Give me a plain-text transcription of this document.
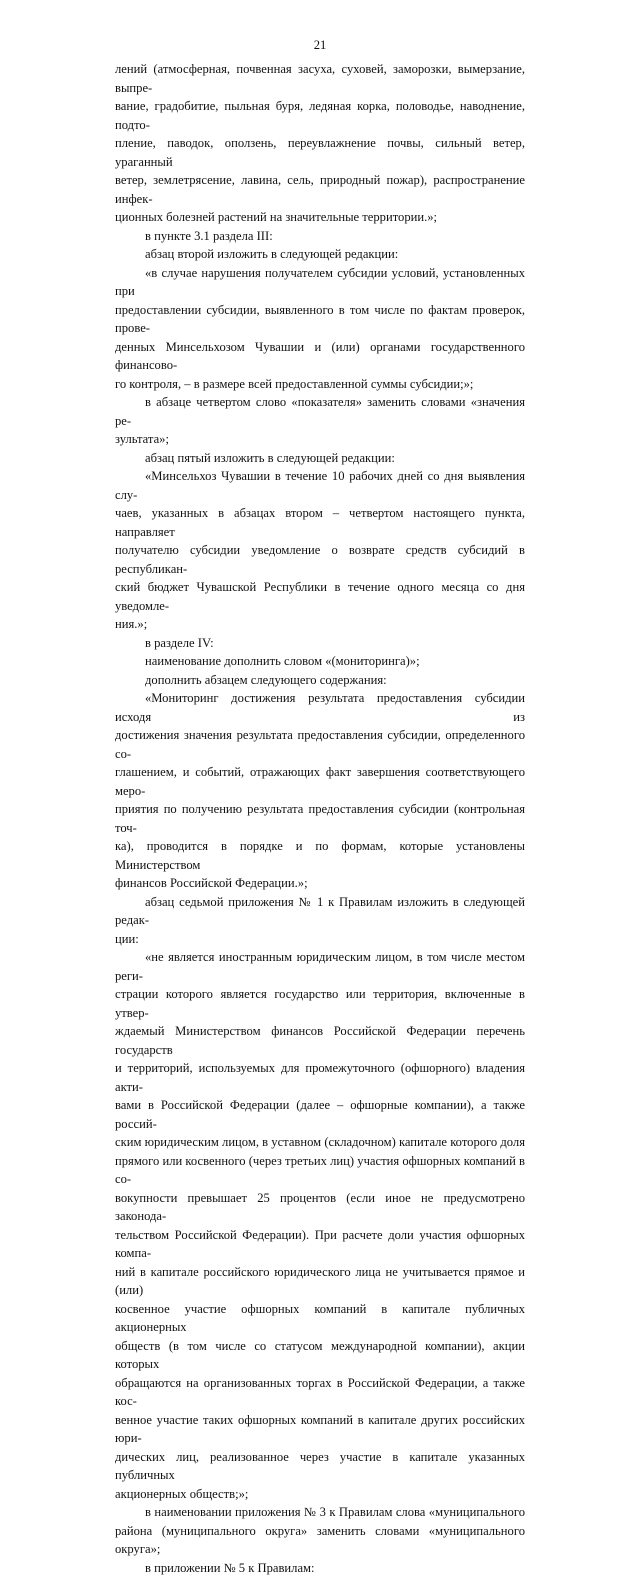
21

лений (атмосферная, почвенная засуха, суховей, заморозки, вымерзание, выпре-

вание, градобитие, пыльная буря, ледяная корка, половодье, наводнение, подто-

пление, паводок, оползень, переувлажнение почвы, сильный ветер, ураганный

ветер, землетрясение, лавина, сель, природный пожар), распространение инфек-

ционных болезней растений на значительные территории.»;

в пункте 3.1 раздела III:

абзац второй изложить в следующей редакции:

«в случае нарушения получателем субсидии условий, установленных при

предоставлении субсидии, выявленного в том числе по фактам проверок, прове-

денных Минсельхозом Чувашии и (или) органами государственного финансово-

го контроля, – в размере всей предоставленной суммы субсидии;»;

в абзаце четвертом слово «показателя» заменить словами «значения ре-

зультата»;

абзац пятый изложить в следующей редакции:

«Минсельхоз Чувашии в течение 10 рабочих дней со дня выявления слу-

чаев, указанных в абзацах втором – четвертом настоящего пункта, направляет

получателю субсидии уведомление о возврате средств субсидий в республикан-

ский бюджет Чувашской Республики в течение одного месяца со дня уведомле-

ния.»;

в разделе IV:

наименование дополнить словом «(мониторинга)»;

дополнить абзацем следующего содержания:

«Мониторинг достижения результата предоставления субсидии исходя из

достижения значения результата предоставления субсидии, определенного со-

глашением, и событий, отражающих факт завершения соответствующего меро-

приятия по получению результата предоставления субсидии (контрольная точ-

ка), проводится в порядке и по формам, которые установлены Министерством

финансов Российской Федерации.»;

абзац седьмой приложения № 1 к Правилам изложить в следующей редак-

ции:

«не является иностранным юридическим лицом, в том числе местом реги-

страции которого является государство или территория, включенные в утвер-

ждаемый Министерством финансов Российской Федерации перечень государств

и территорий, используемых для промежуточного (офшорного) владения акти-

вами в Российской Федерации (далее – офшорные компании), а также россий-

ским юридическим лицом, в уставном (складочном) капитале которого доля

прямого или косвенного (через третьих лиц) участия офшорных компаний в со-

вокупности превышает 25 процентов (если иное не предусмотрено законода-

тельством Российской Федерации). При расчете доли участия офшорных компа-

ний в капитале российского юридического лица не учитывается прямое и (или)

косвенное участие офшорных компаний в капитале публичных акционерных

обществ (в том числе со статусом международной компании), акции которых

обращаются на организованных торгах в Российской Федерации, а также кос-

венное участие таких офшорных компаний в капитале других российских юри-

дических лиц, реализованное через участие в капитале указанных публичных

акционерных обществ;»;

в наименовании приложения № 3 к Правилам слова «муниципального

района (муниципального округа» заменить словами «муниципального округа»;

в приложении № 5 к Правилам:
